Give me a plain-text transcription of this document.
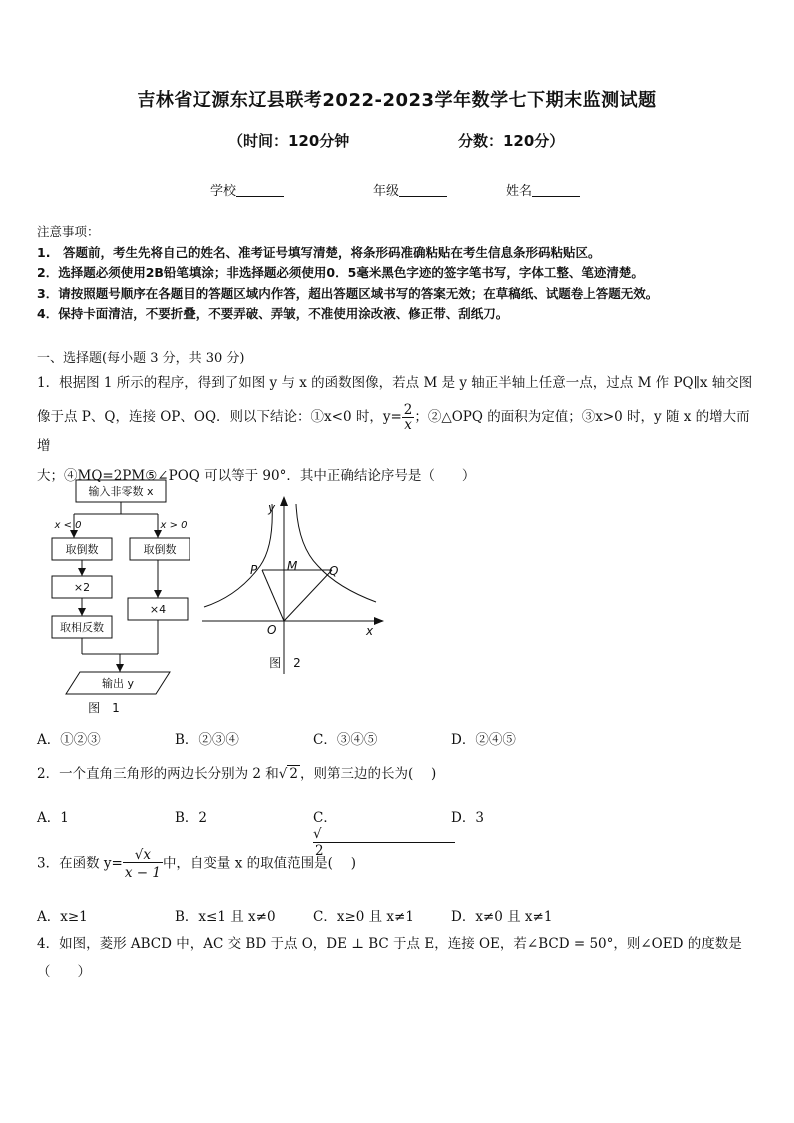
吉林省辽源东辽县联考2022-2023学年数学七下期末监测试题
（时间：120分钟	分数：120分）
学校	年级	姓名
注意事项：
1.　答题前，考生先将自己的姓名、准考证号填写清楚，将条形码准确粘贴在考生信息条形码粘贴区。
2．选择题必须使用2B铅笔填涂；非选择题必须使用0．5毫米黑色字迹的签字笔书写，字体工整、笔迹清楚。
3．请按照题号顺序在各题目的答题区域内作答，超出答题区域书写的答案无效；在草稿纸、试题卷上答题无效。
4．保持卡面清洁，不要折叠，不要弄破、弄皱，不准使用涂改液、修正带、刮纸刀。
一、选择题(每小题 3 分，共 30 分)
1．根据图 1 所示的程序，得到了如图 y 与 x 的函数图像，若点 M 是 y 轴正半轴上任意一点，过点 M 作 PQ∥x 轴交图
像于点 P、Q，连接 OP、OQ．则以下结论：①x<0 时，$y= \frac{2}{x}$ ；②△OPQ 的面积为定值；③x>0 时，y 随 x 的增大而增
大；④MQ=2PM⑤∠POQ 可以等于 90°．其中正确结论序号是（　　）
输入非零数 x
x < 0	x > 0
取倒数	取倒数
×2
×4
取相反数
输出 y
图　1
y
x
P M	Q
O
图　2
A．①②③	B．②③④	C．③④⑤	D．②④⑤
2．一个直角三角形的两边长分别为 2 和√ 2 ，则第三边的长为(　 )
A．1	B．2	C．√2
D．3
3．在函数 $y= \frac{√x}{x - 1}$ 中，自变量 x 的取值范围是(　 )
A．x≥1	B．x≤1 且 x≠0	C．x≥0 且 x≠1	D．x≠0 且 x≠1
4．如图，菱形 ABCD 中，AC 交 BD 于点 O，DE ⊥ BC 于点 E，连接 OE，若∠BCD = 50°，则∠OED 的度数是
（　　）
